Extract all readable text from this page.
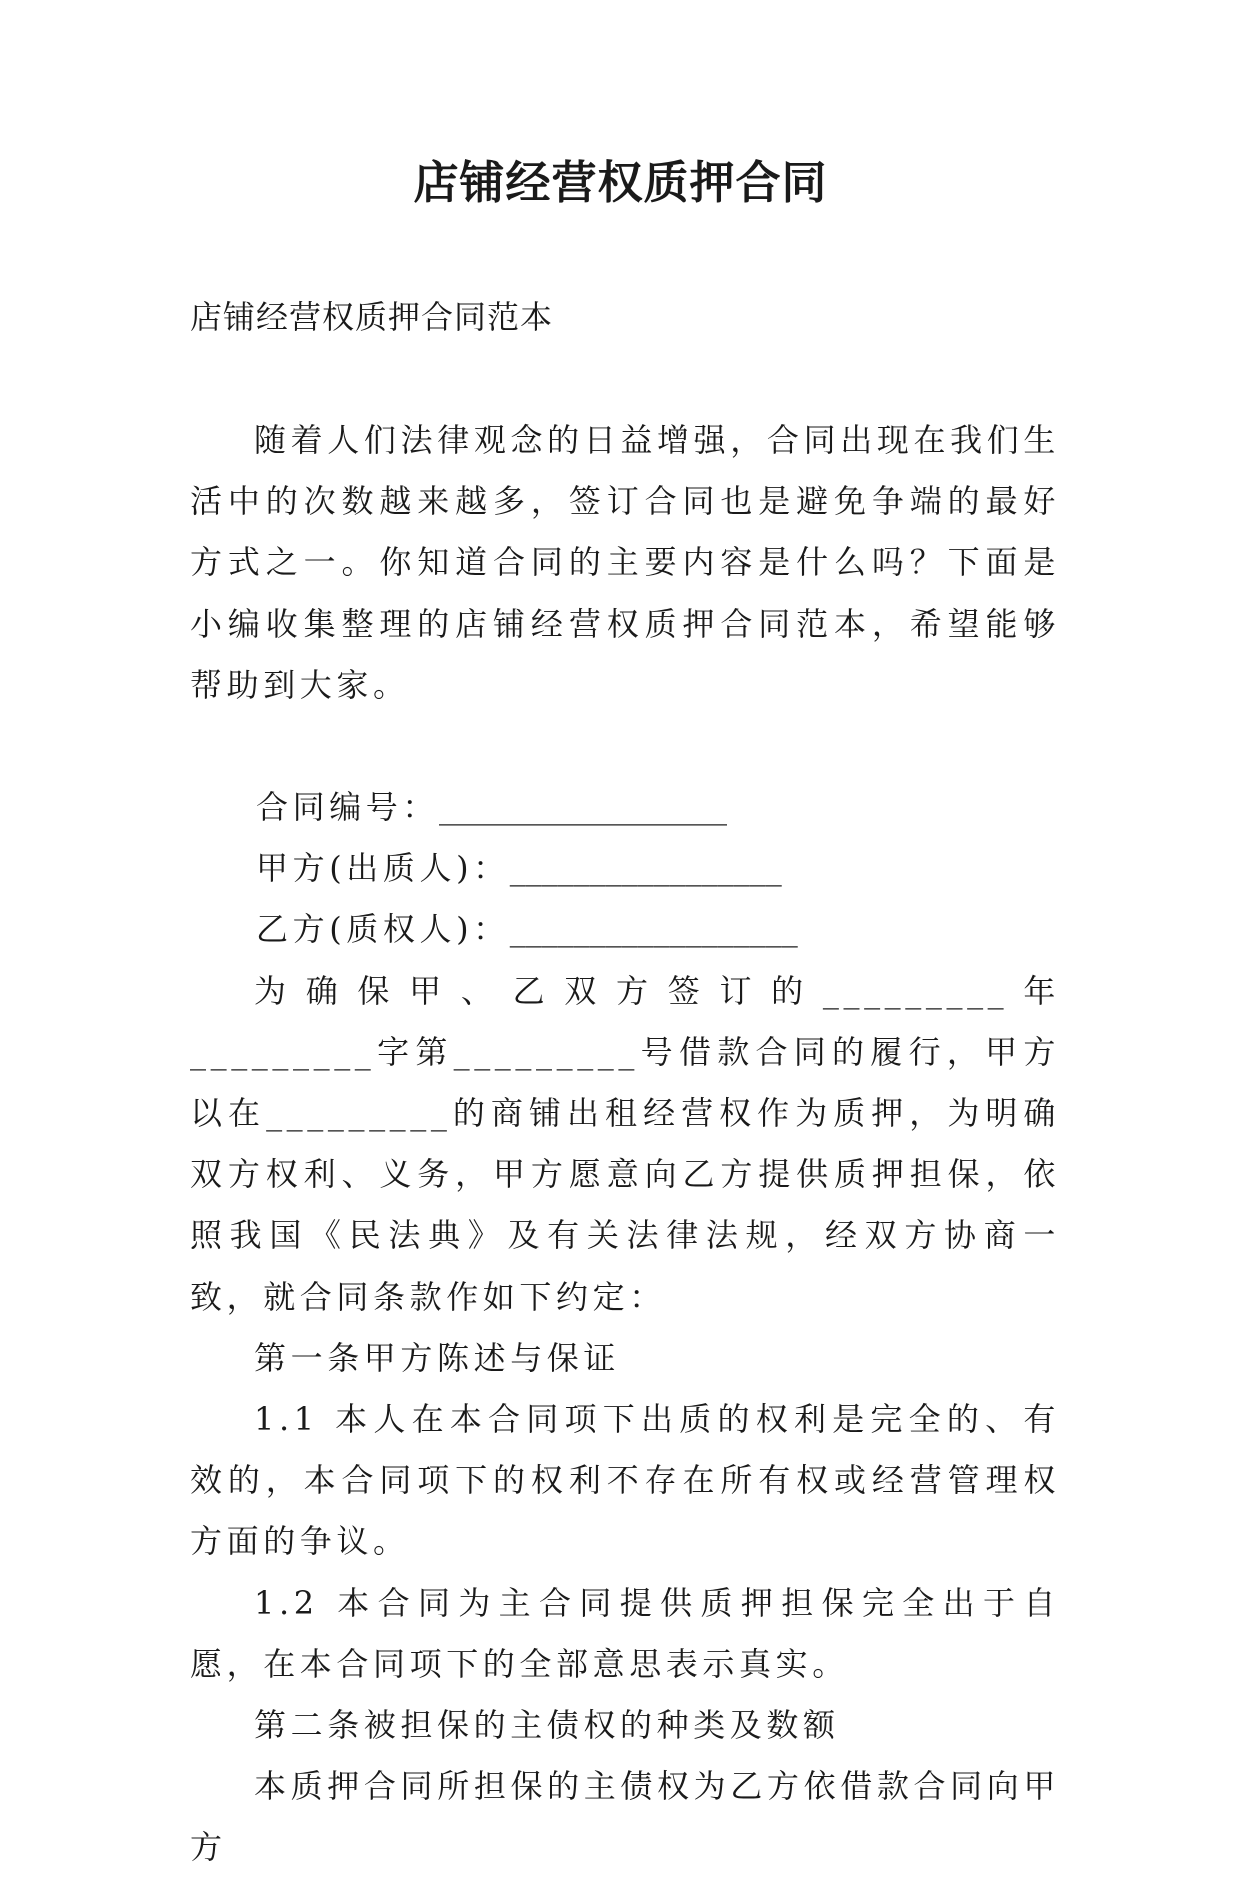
店铺经营权质押合同
店铺经营权质押合同范本

随着人们法律观念的日益增强，合同出现在我们生活中的次数越来越多，签订合同也是避免争端的最好方式之一。你知道合同的主要内容是什么吗？下面是小编收集整理的店铺经营权质押合同范本，希望能够帮助到大家。

合同编号：__________________
甲方(出质人)：_________________
乙方(质权人)：__________________

为确保甲、乙双方签订的_________年_________字第_________号借款合同的履行，甲方以在_________的商铺出租经营权作为质押，为明确双方权利、义务，甲方愿意向乙方提供质押担保，依照我国《民法典》及有关法律法规，经双方协商一致，就合同条款作如下约定：

第一条甲方陈述与保证

1.1 本人在本合同项下出质的权利是完全的、有效的，本合同项下的权利不存在所有权或经营管理权方面的争议。

1.2 本合同为主合同提供质押担保完全出于自愿，在本合同项下的全部意思表示真实。

第二条被担保的主债权的种类及数额

本质押合同所担保的主债权为乙方依借款合同向甲方
